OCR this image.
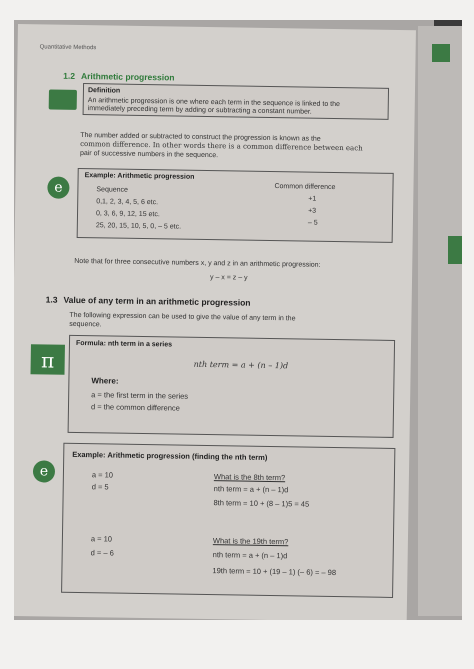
Quantitative Methods
1.2 Arithmetic progression
Definition
An arithmetic progression is one where each term in the sequence is linked to the
immediately preceding term by adding or subtracting a constant number.
The number added or subtracted to construct the progression is known as the
common difference. In other words there is a common difference between each
pair of successive numbers in the sequence.
e
Example: Arithmetic progression
Sequence	Common difference
0,1, 2, 3, 4, 5, 6 etc.	+1
0, 3, 6, 9, 12, 15 etc.	+3
25, 20, 15, 10, 5, 0, – 5 etc.	– 5
Note that for three consecutive numbers x, y and z in an arithmetic progression:
y – x = z – y
1.3 Value of any term in an arithmetic progression
The following expression can be used to give the value of any term in the
sequence.
π
Formula: nth term in a series
nth term = a + (n – 1)d
Where:
a = the first term in the series
d = the common difference
e
Example: Arithmetic progression (finding the nth term)
a = 10
d = 5
What is the 8th term?
nth term = a + (n – 1)d
8th term = 10 + (8 – 1)5 = 45
a = 10
d = – 6
What is the 19th term?
nth term = a + (n – 1)d
19th term = 10 + (19 – 1) (– 6) = – 98
